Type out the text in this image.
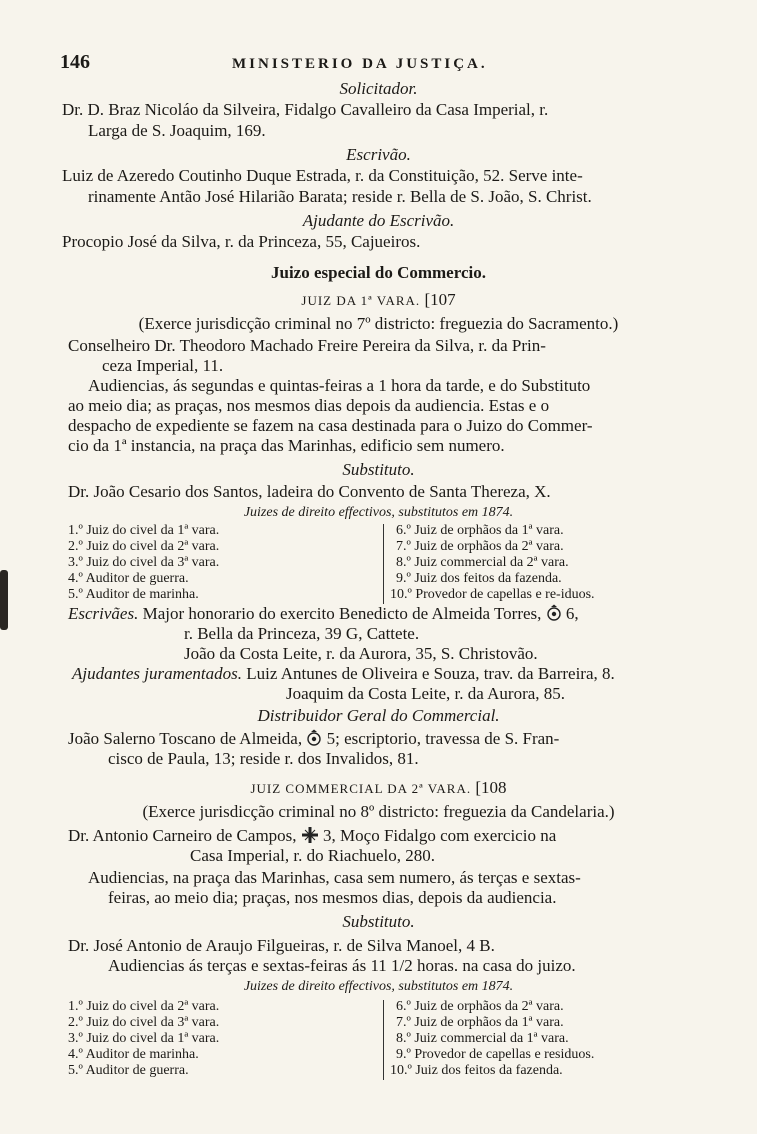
146	MINISTERIO DA JUSTIÇA.
Solicitador.
Dr. D. Braz Nicoláo da Silveira, Fidalgo Cavalleiro da Casa Imperial, r.
Larga de S. Joaquim, 169.
Escrivão.
Luiz de Azeredo Coutinho Duque Estrada, r. da Constituição, 52. Serve inte-
rinamente Antão José Hilarião Barata; reside r. Bella de S. João, S. Christ.
Ajudante do Escrivão.
Procopio José da Silva, r. da Princeza, 55, Cajueiros.
Juizo especial do Commercio.
JUIZ DA 1ª VARA. [107
(Exerce jurisdicção criminal no 7º districto: freguezia do Sacramento.)
Conselheiro Dr. Theodoro Machado Freire Pereira da Silva, r. da Prin-
ceza Imperial, 11.
Audiencias, ás segundas e quintas-feiras a 1 hora da tarde, e do Substituto
ao meio dia; as praças, nos mesmos dias depois da audiencia. Estas e o
despacho de expediente se fazem na casa destinada para o Juizo do Commer-
cio da 1ª instancia, na praça das Marinhas, edificio sem numero.
Substituto.
Dr. João Cesario dos Santos, ladeira do Convento de Santa Thereza, X.
Juizes de direito effectivos, substitutos em 1874.
1.º Juiz do civel da 1ª vara.
2.º Juiz do civel da 2ª vara.
3.º Juiz do civel da 3ª vara.
4.º Auditor de guerra.
5.º Auditor de marinha.
6.º Juiz de orphãos da 1ª vara.
7.º Juiz de orphãos da 2ª vara.
8.º Juiz commercial da 2ª vara.
9.º Juiz dos feitos da fazenda.
10.º Provedor de capellas e re-iduos.
Escrivães. Major honorario do exercito Benedicto de Almeida Torres, 6,
r. Bella da Princeza, 39 G, Cattete.
João da Costa Leite, r. da Aurora, 35, S. Christovão.
Ajudantes juramentados. Luiz Antunes de Oliveira e Souza, trav. da Barreira, 8.
Joaquim da Costa Leite, r. da Aurora, 85.
Distribuidor Geral do Commercial.
João Salerno Toscano de Almeida, 5; escriptorio, travessa de S. Fran-
cisco de Paula, 13; reside r. dos Invalidos, 81.
JUIZ COMMERCIAL DA 2ª VARA. [108
(Exerce jurisdicção criminal no 8º districto: freguezia da Candelaria.)
Dr. Antonio Carneiro de Campos, 3, Moço Fidalgo com exercicio na
Casa Imperial, r. do Riachuelo, 280.
Audiencias, na praça das Marinhas, casa sem numero, ás terças e sextas-
feiras, ao meio dia; praças, nos mesmos dias, depois da audiencia.
Substituto.
Dr. José Antonio de Araujo Filgueiras, r. de Silva Manoel, 4 B.
Audiencias ás terças e sextas-feiras ás 11 1/2 horas. na casa do juizo.
Juizes de direito effectivos, substitutos em 1874.
1.º Juiz do civel da 2ª vara.
2.º Juiz do civel da 3ª vara.
3.º Juiz do civel da 1ª vara.
4.º Auditor de marinha.
5.º Auditor de guerra.
6.º Juiz de orphãos da 2ª vara.
7.º Juiz de orphãos da 1ª vara.
8.º Juiz commercial da 1ª vara.
9.º Provedor de capellas e residuos.
10.º Juiz dos feitos da fazenda.
